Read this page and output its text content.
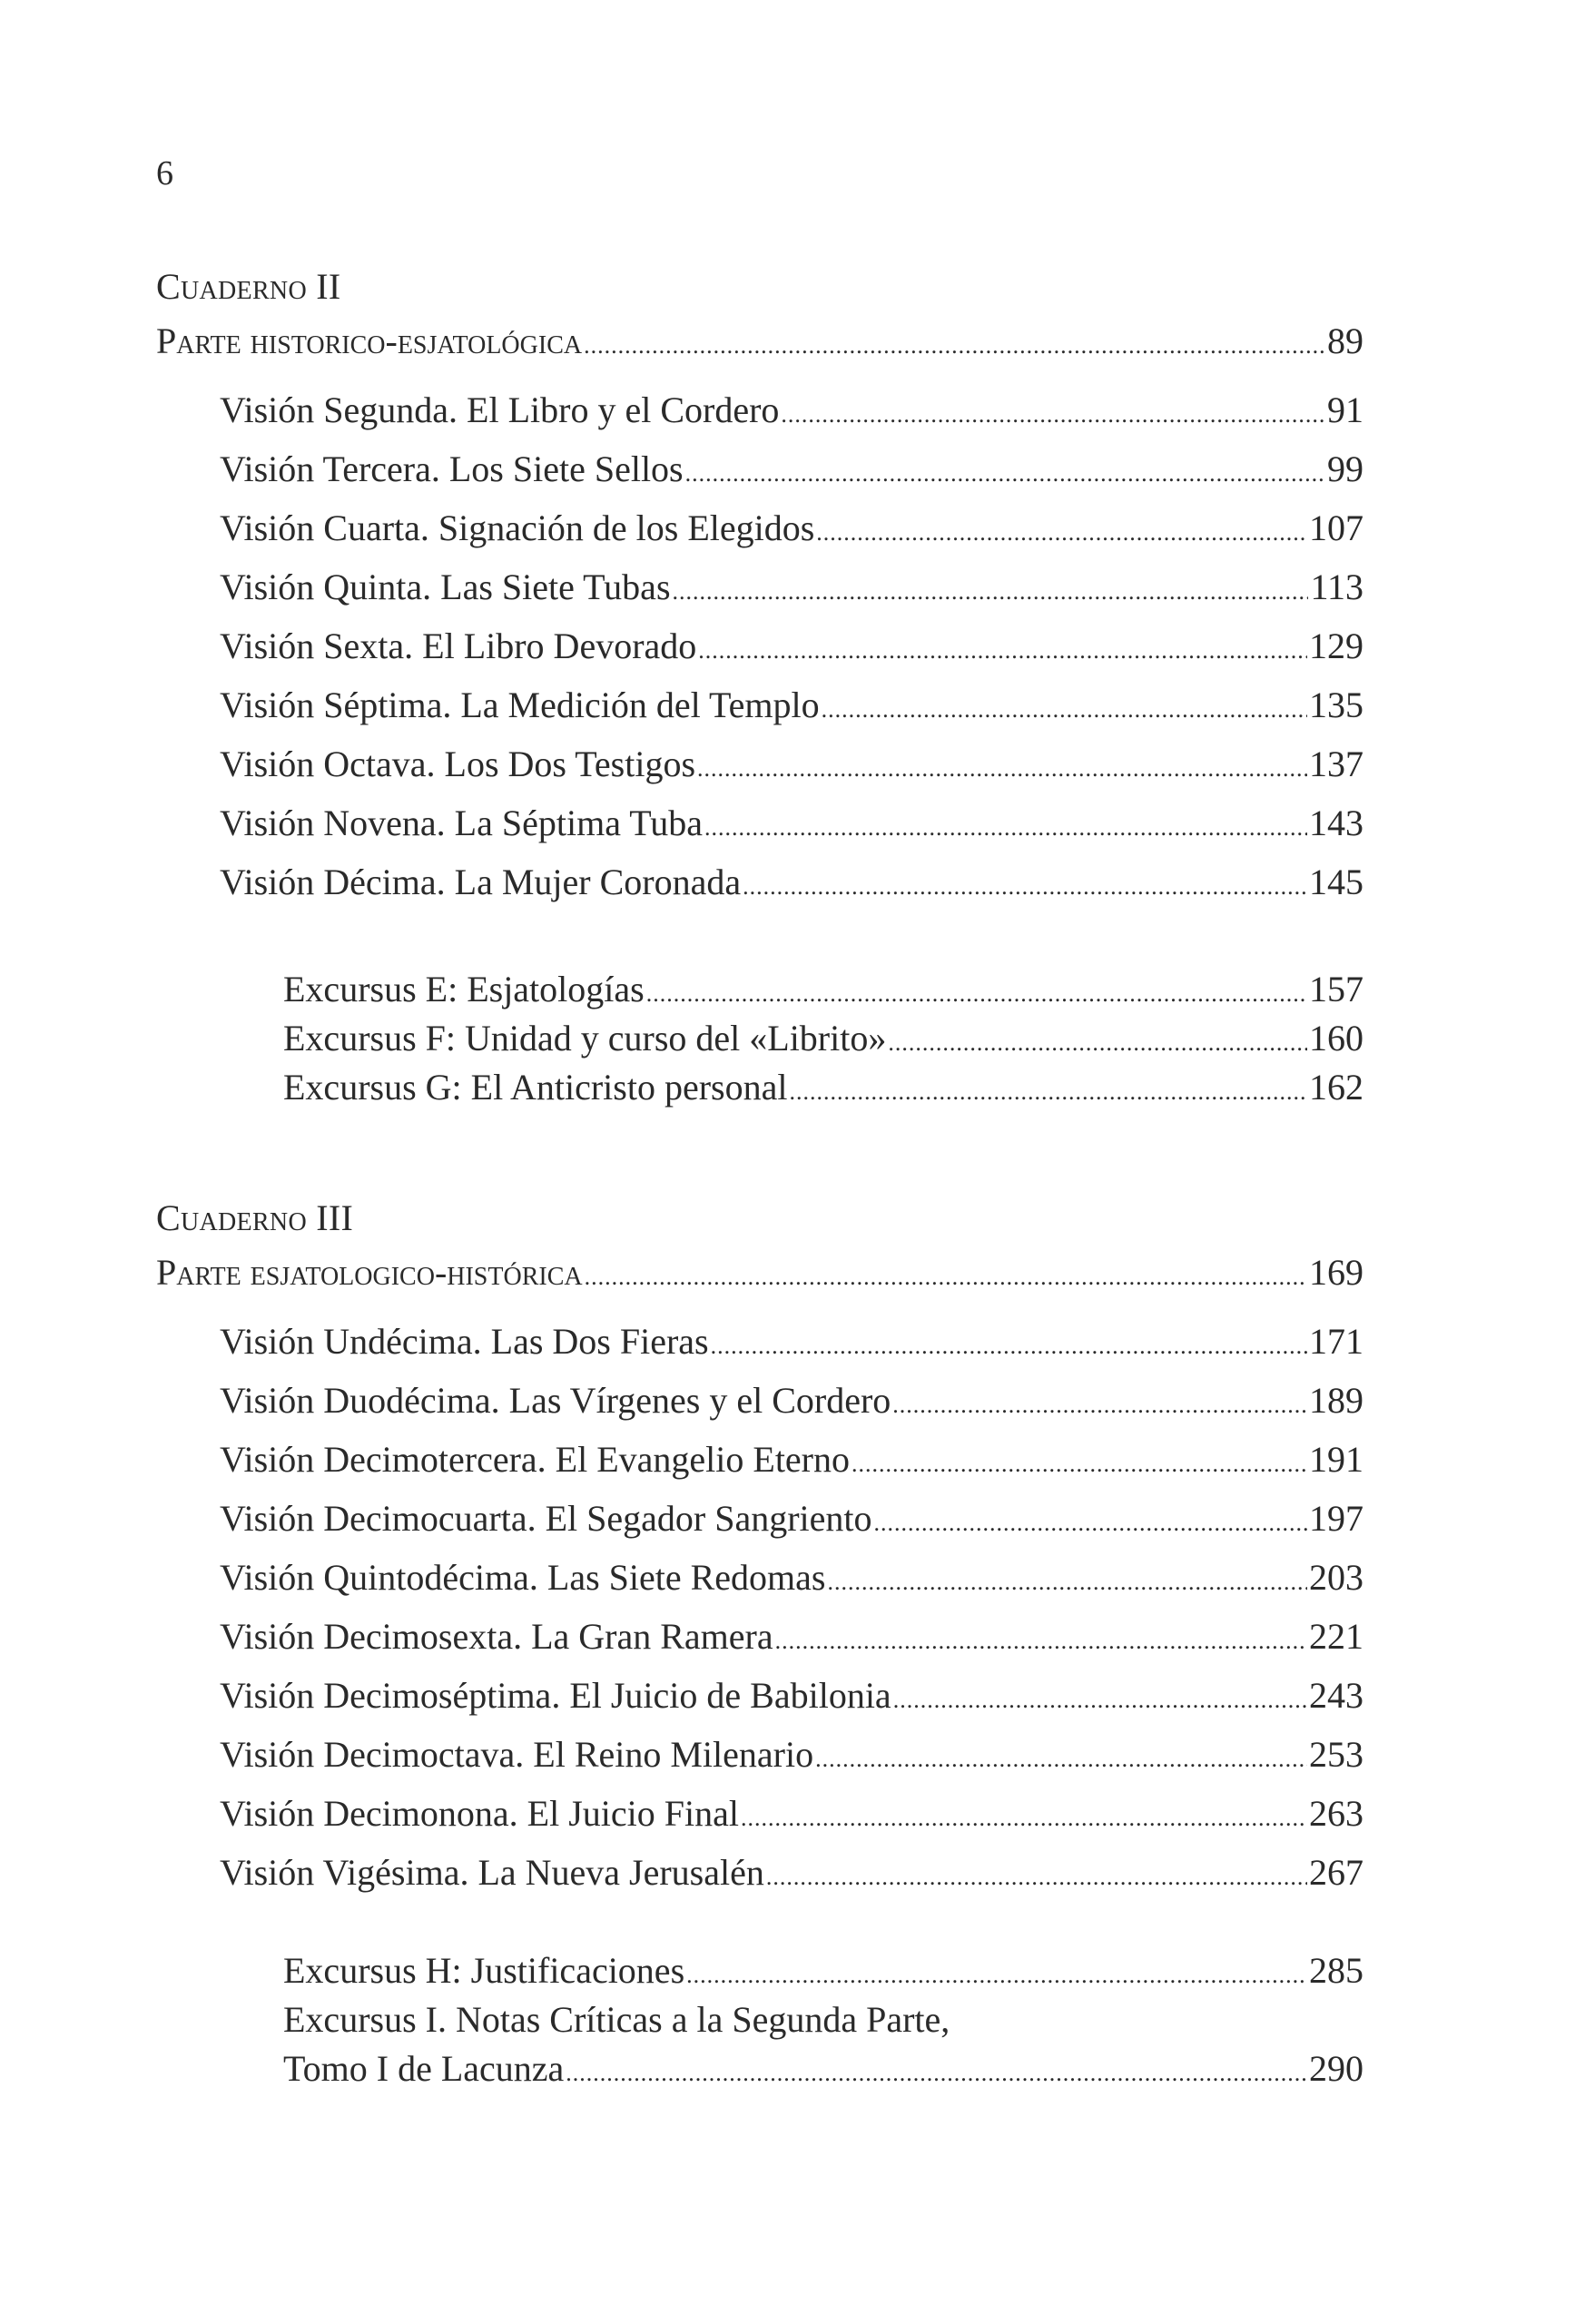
6
Cuaderno II
Parte historico-esjatológica .....	89
Visión Segunda. El Libro y el Cordero .....	91
Visión Tercera. Los Siete Sellos .....	99
Visión Cuarta. Signación de los Elegidos .....	107
Visión Quinta. Las Siete Tubas .....	113
Visión Sexta. El Libro Devorado .....	129
Visión Séptima. La Medición del Templo .....	135
Visión Octava. Los Dos Testigos .....	137
Visión Novena. La Séptima Tuba .....	143
Visión Décima. La Mujer Coronada .....	145
Excursus E: Esjatologías .....	157
Excursus F: Unidad y curso del «Librito» .....	160
Excursus G: El Anticristo personal .....	162
Cuaderno III
Parte esjatologico-histórica .....	169
Visión Undécima. Las Dos Fieras .....	171
Visión Duodécima. Las Vírgenes y el Cordero .....	189
Visión Decimotercera. El Evangelio Eterno .....	191
Visión Decimocuarta. El Segador Sangriento .....	197
Visión Quintodécima. Las Siete Redomas .....	203
Visión Decimosexta. La Gran Ramera .....	221
Visión Decimoséptima. El Juicio de Babilonia .....	243
Visión Decimoctava. El Reino Milenario .....	253
Visión Decimonona. El Juicio Final .....	263
Visión Vigésima. La Nueva Jerusalén .....	267
Excursus H: Justificaciones .....	285
Excursus I. Notas Críticas a la Segunda Parte,
Tomo I de Lacunza .....	290
